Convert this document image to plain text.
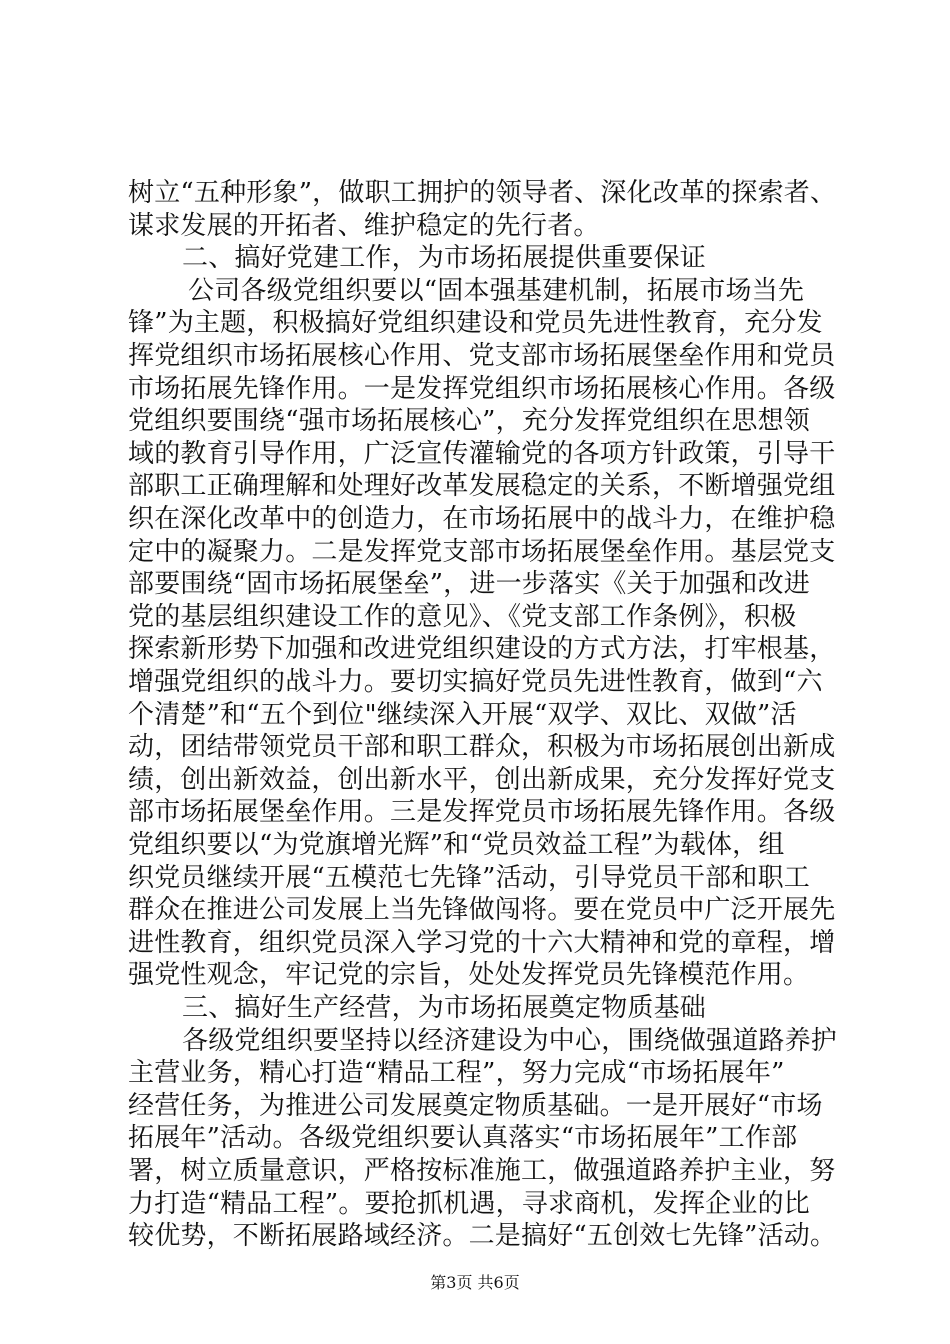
树立“五种形象”，做职工拥护的领导者、深化改革的探索者、
谋求发展的开拓者、维护稳定的先行者。
二、搞好党建工作，为市场拓展提供重要保证
公司各级党组织要以“固本强基建机制，拓展市场当先
锋”为主题，积极搞好党组织建设和党员先进性教育，充分发
挥党组织市场拓展核心作用、党支部市场拓展堡垒作用和党员
市场拓展先锋作用。一是发挥党组织市场拓展核心作用。各级
党组织要围绕“强市场拓展核心”，充分发挥党组织在思想领
域的教育引导作用，广泛宣传灌输党的各项方针政策，引导干
部职工正确理解和处理好改革发展稳定的关系，不断增强党组
织在深化改革中的创造力，在市场拓展中的战斗力，在维护稳
定中的凝聚力。二是发挥党支部市场拓展堡垒作用。基层党支
部要围绕“固市场拓展堡垒”，进一步落实《关于加强和改进
党的基层组织建设工作的意见》、《党支部工作条例》，积极
探索新形势下加强和改进党组织建设的方式方法，打牢根基，
增强党组织的战斗力。要切实搞好党员先进性教育，做到“六
个清楚”和“五个到位"继续深入开展“双学、双比、双做”活
动，团结带领党员干部和职工群众，积极为市场拓展创出新成
绩，创出新效益，创出新水平，创出新成果，充分发挥好党支
部市场拓展堡垒作用。三是发挥党员市场拓展先锋作用。各级
党组织要以“为党旗增光辉”和“党员效益工程”为载体，组
织党员继续开展“五模范七先锋”活动，引导党员干部和职工
群众在推进公司发展上当先锋做闯将。要在党员中广泛开展先
进性教育，组织党员深入学习党的十六大精神和党的章程，增
强党性观念，牢记党的宗旨，处处发挥党员先锋模范作用。
三、搞好生产经营，为市场拓展奠定物质基础
各级党组织要坚持以经济建设为中心，围绕做强道路养护
主营业务，精心打造“精品工程”，努力完成“市场拓展年”
经营任务，为推进公司发展奠定物质基础。一是开展好“市场
拓展年”活动。各级党组织要认真落实“市场拓展年”工作部
署，树立质量意识，严格按标准施工，做强道路养护主业，努
力打造“精品工程”。要抢抓机遇，寻求商机，发挥企业的比
较优势，不断拓展路域经济。二是搞好“五创效七先锋”活动。
第3页 共6页
